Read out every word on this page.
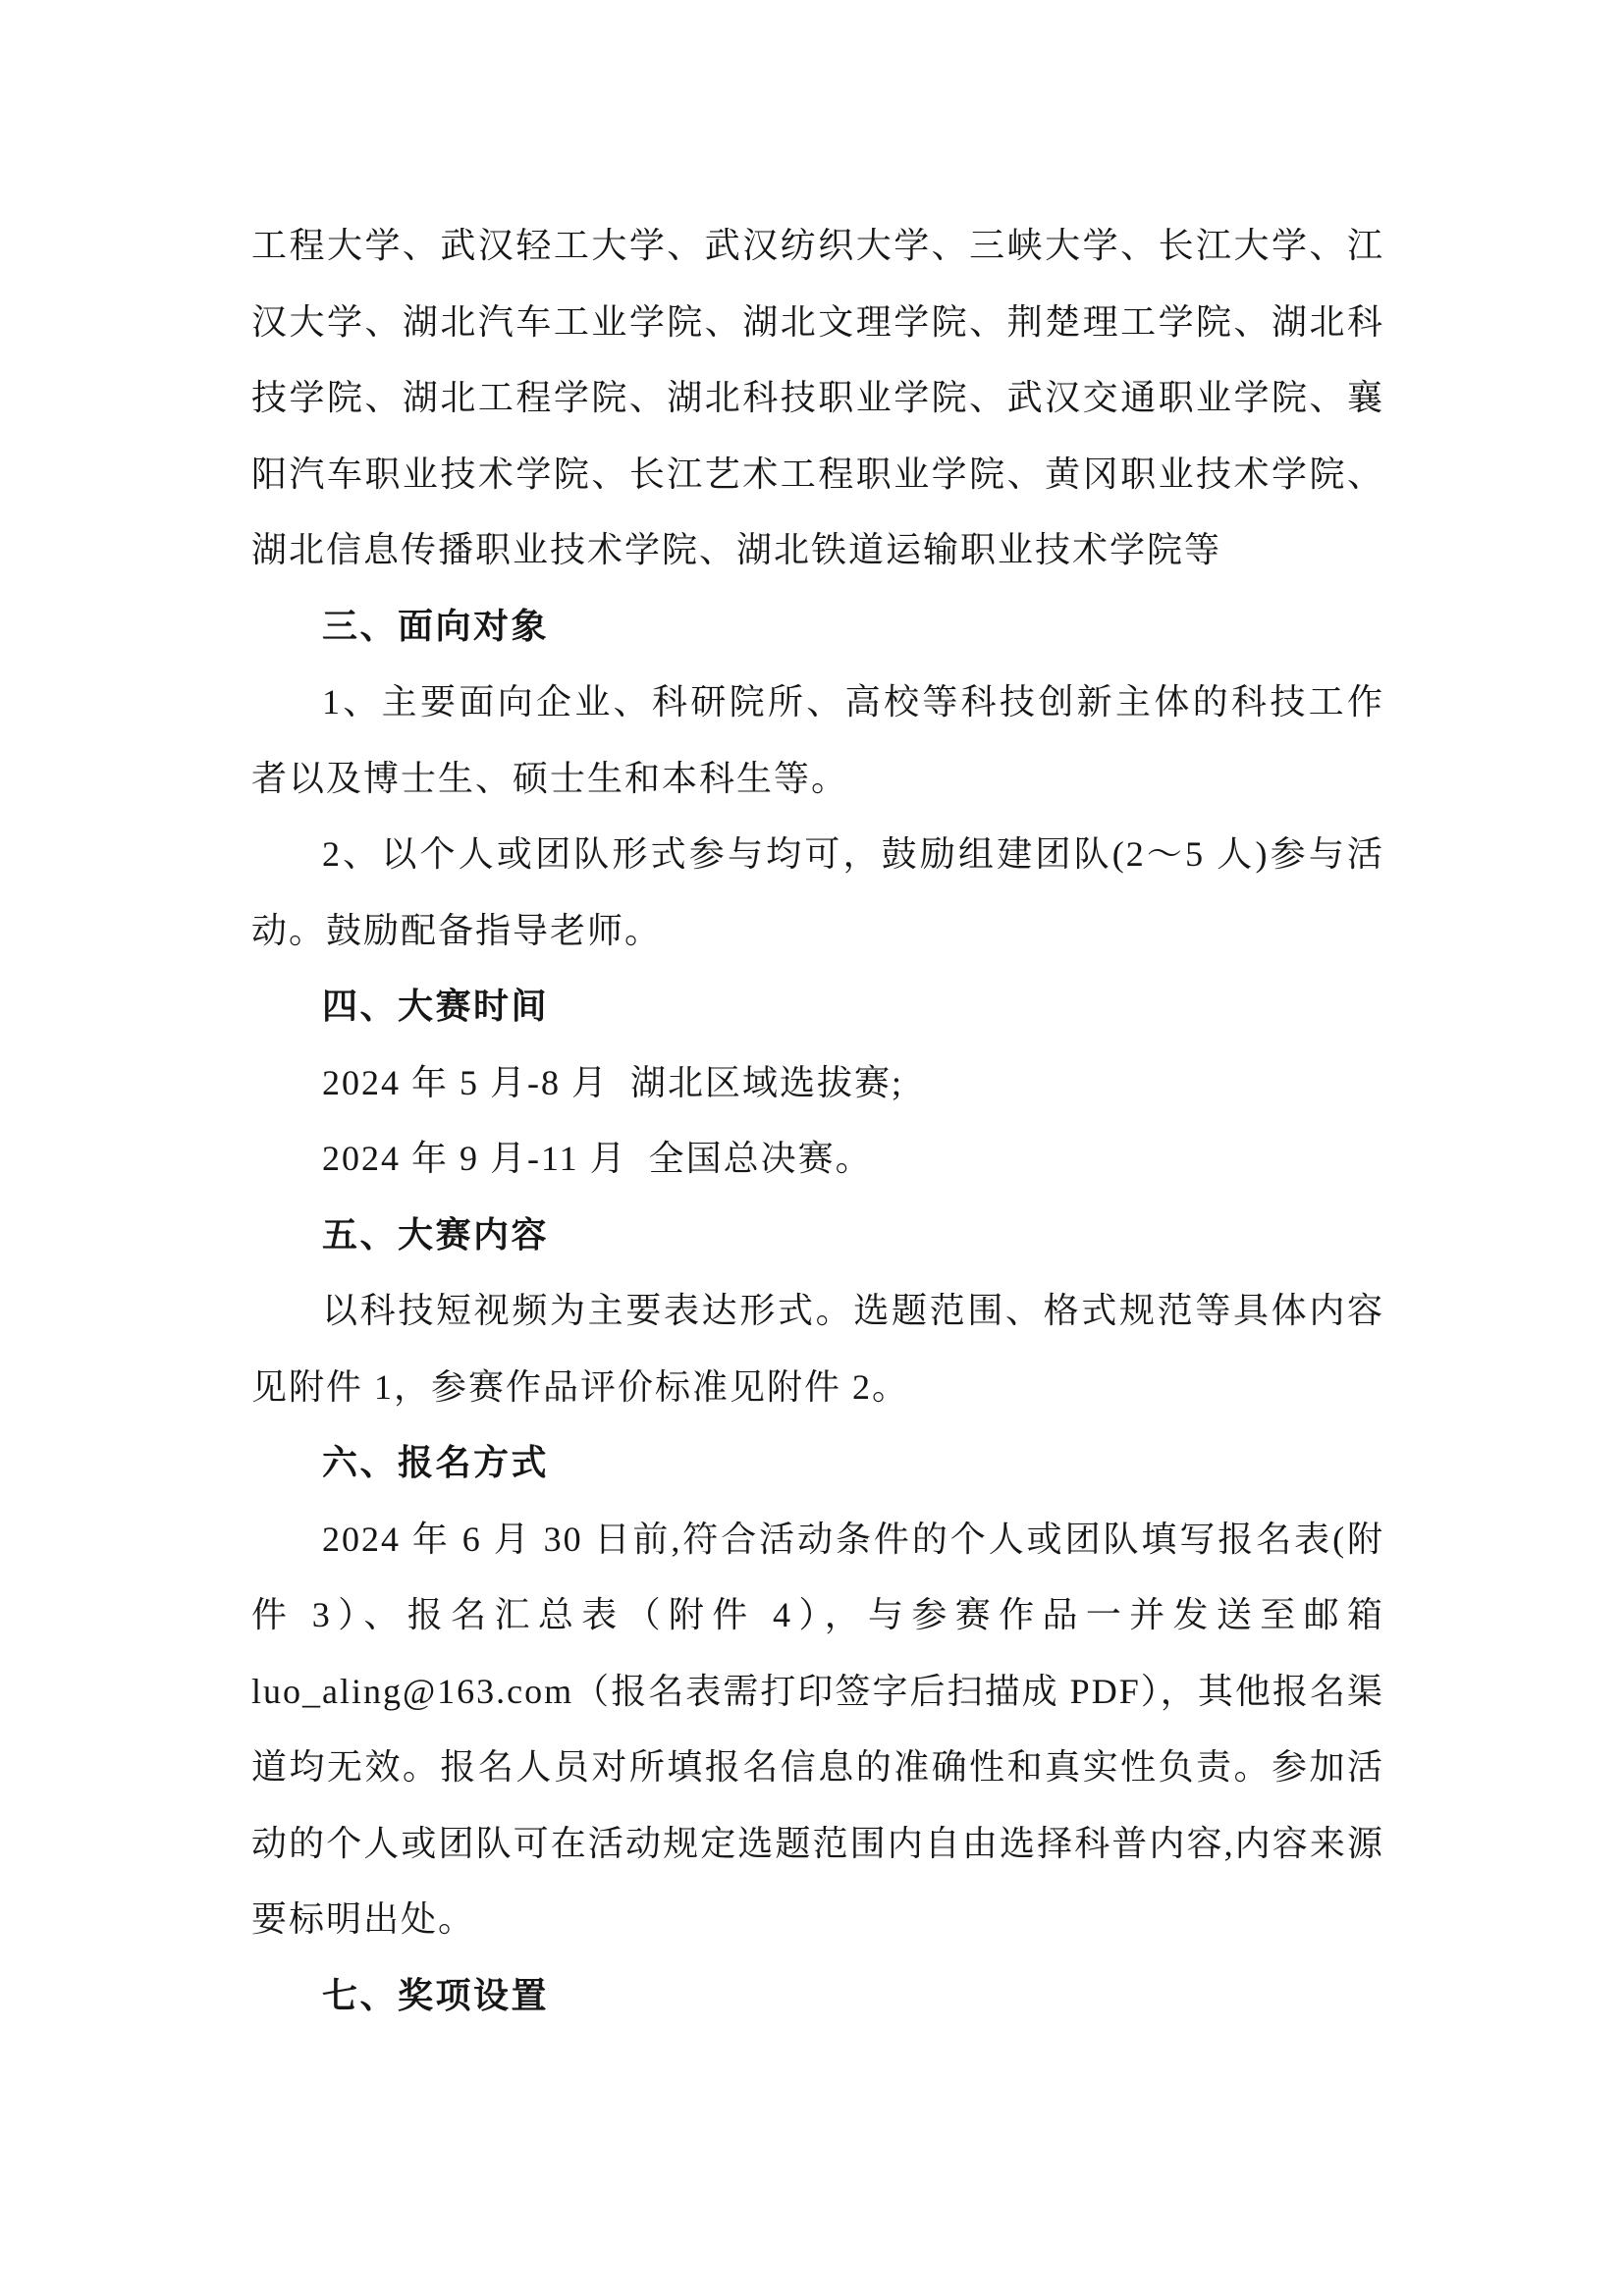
工程大学、武汉轻工大学、武汉纺织大学、三峡大学、长江大学、江汉大学、湖北汽车工业学院、湖北文理学院、荆楚理工学院、湖北科技学院、湖北工程学院、湖北科技职业学院、武汉交通职业学院、襄阳汽车职业技术学院、长江艺术工程职业学院、黄冈职业技术学院、湖北信息传播职业技术学院、湖北铁道运输职业技术学院等

三、面向对象

1、主要面向企业、科研院所、高校等科技创新主体的科技工作者以及博士生、硕士生和本科生等。

2、以个人或团队形式参与均可，鼓励组建团队(2～5 人)参与活动。鼓励配备指导老师。

四、大赛时间

2024 年 5 月-8 月  湖北区域选拔赛;

2024 年 9 月-11 月  全国总决赛。

五、大赛内容

以科技短视频为主要表达形式。选题范围、格式规范等具体内容见附件 1，参赛作品评价标准见附件 2。

六、报名方式

2024 年 6 月 30 日前,符合活动条件的个人或团队填写报名表(附件 3）、报名汇总表（附件 4），与参赛作品一并发送至邮箱luo_aling@163.com（报名表需打印签字后扫描成 PDF），其他报名渠道均无效。报名人员对所填报名信息的准确性和真实性负责。参加活动的个人或团队可在活动规定选题范围内自由选择科普内容,内容来源要标明出处。

七、奖项设置
